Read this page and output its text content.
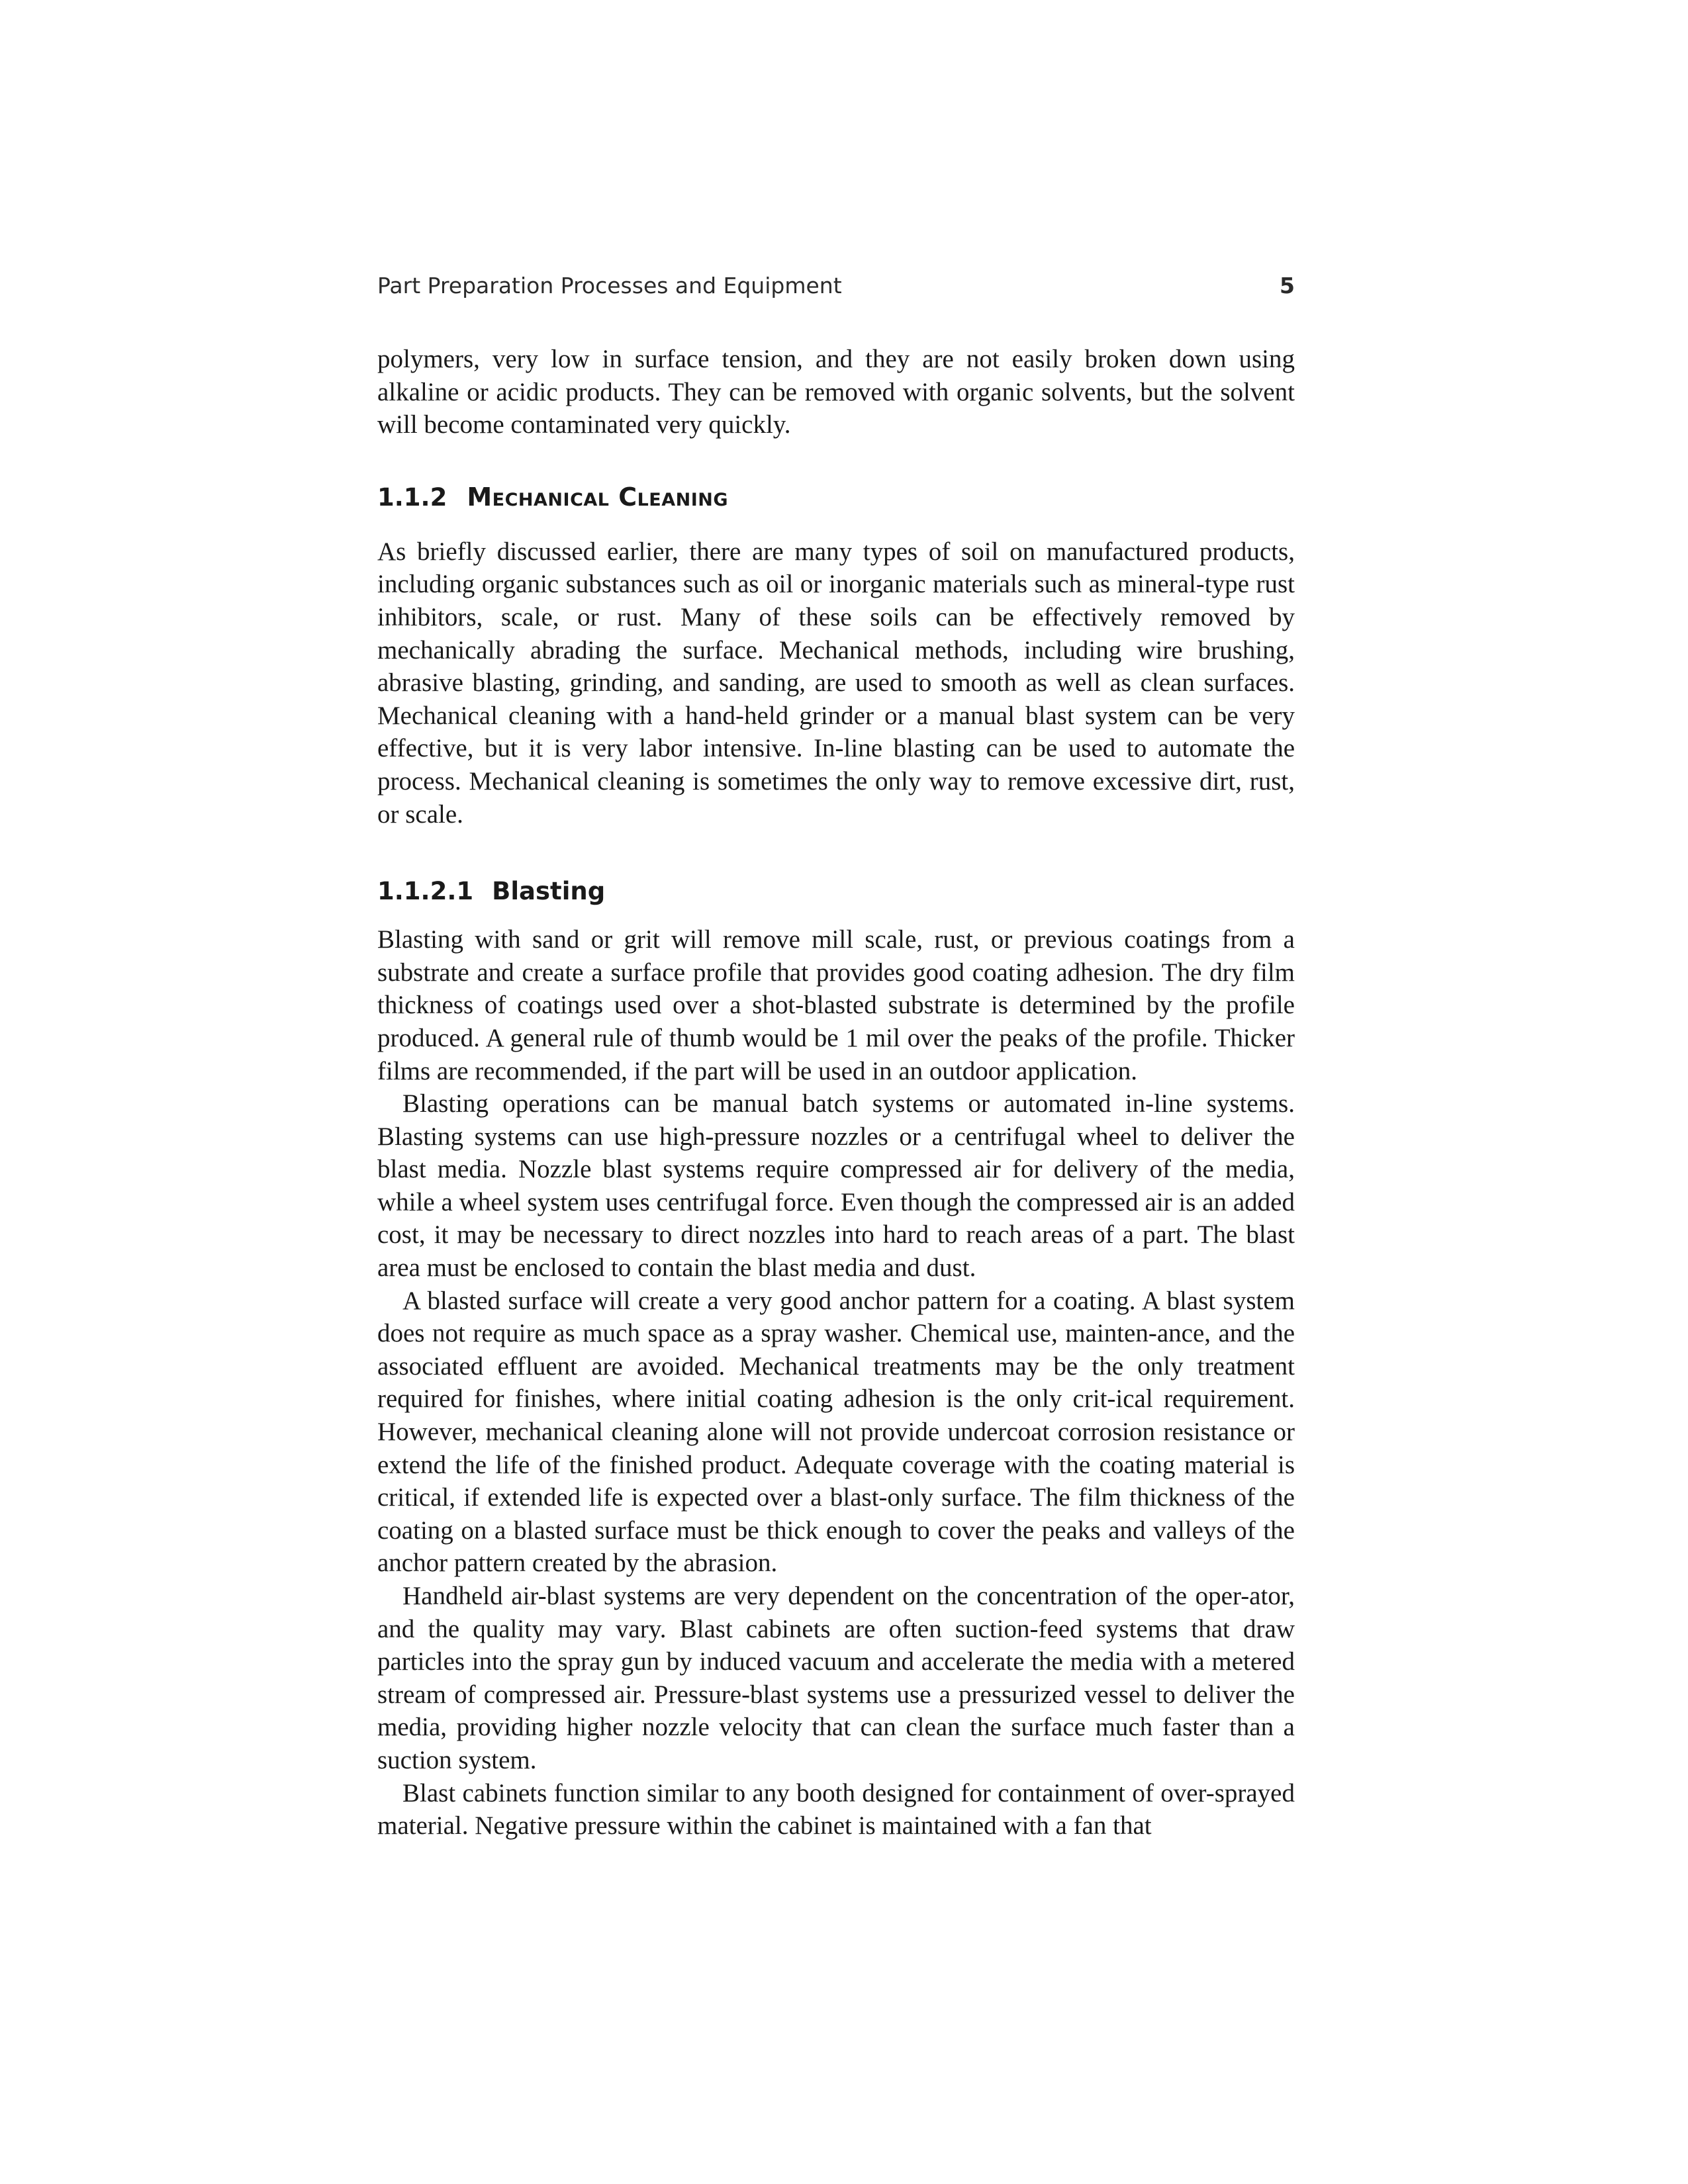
Part Preparation Processes and Equipment	5

polymers, very low in surface tension, and they are not easily broken down using alkaline or acidic products. They can be removed with organic solvents, but the solvent will become contaminated very quickly.

1.1.2 Mechanical Cleaning

As briefly discussed earlier, there are many types of soil on manufactured products, including organic substances such as oil or inorganic materials such as mineral-type rust inhibitors, scale, or rust. Many of these soils can be effectively removed by mechanically abrading the surface. Mechanical methods, including wire brushing, abrasive blasting, grinding, and sanding, are used to smooth as well as clean surfaces. Mechanical cleaning with a hand-held grinder or a manual blast system can be very effective, but it is very labor intensive. In-line blasting can be used to automate the process. Mechanical cleaning is sometimes the only way to remove excessive dirt, rust, or scale.

1.1.2.1 Blasting

Blasting with sand or grit will remove mill scale, rust, or previous coatings from a substrate and create a surface profile that provides good coating adhesion. The dry film thickness of coatings used over a shot-blasted substrate is determined by the profile produced. A general rule of thumb would be 1 mil over the peaks of the profile. Thicker films are recommended, if the part will be used in an outdoor application.

Blasting operations can be manual batch systems or automated in-line systems. Blasting systems can use high-pressure nozzles or a centrifugal wheel to deliver the blast media. Nozzle blast systems require compressed air for delivery of the media, while a wheel system uses centrifugal force. Even though the compressed air is an added cost, it may be necessary to direct nozzles into hard to reach areas of a part. The blast area must be enclosed to contain the blast media and dust.

A blasted surface will create a very good anchor pattern for a coating. A blast system does not require as much space as a spray washer. Chemical use, mainten-ance, and the associated effluent are avoided. Mechanical treatments may be the only treatment required for finishes, where initial coating adhesion is the only crit-ical requirement. However, mechanical cleaning alone will not provide undercoat corrosion resistance or extend the life of the finished product. Adequate coverage with the coating material is critical, if extended life is expected over a blast-only surface. The film thickness of the coating on a blasted surface must be thick enough to cover the peaks and valleys of the anchor pattern created by the abrasion.

Handheld air-blast systems are very dependent on the concentration of the oper-ator, and the quality may vary. Blast cabinets are often suction-feed systems that draw particles into the spray gun by induced vacuum and accelerate the media with a metered stream of compressed air. Pressure-blast systems use a pressurized vessel to deliver the media, providing higher nozzle velocity that can clean the surface much faster than a suction system.

Blast cabinets function similar to any booth designed for containment of over-sprayed material. Negative pressure within the cabinet is maintained with a fan that
